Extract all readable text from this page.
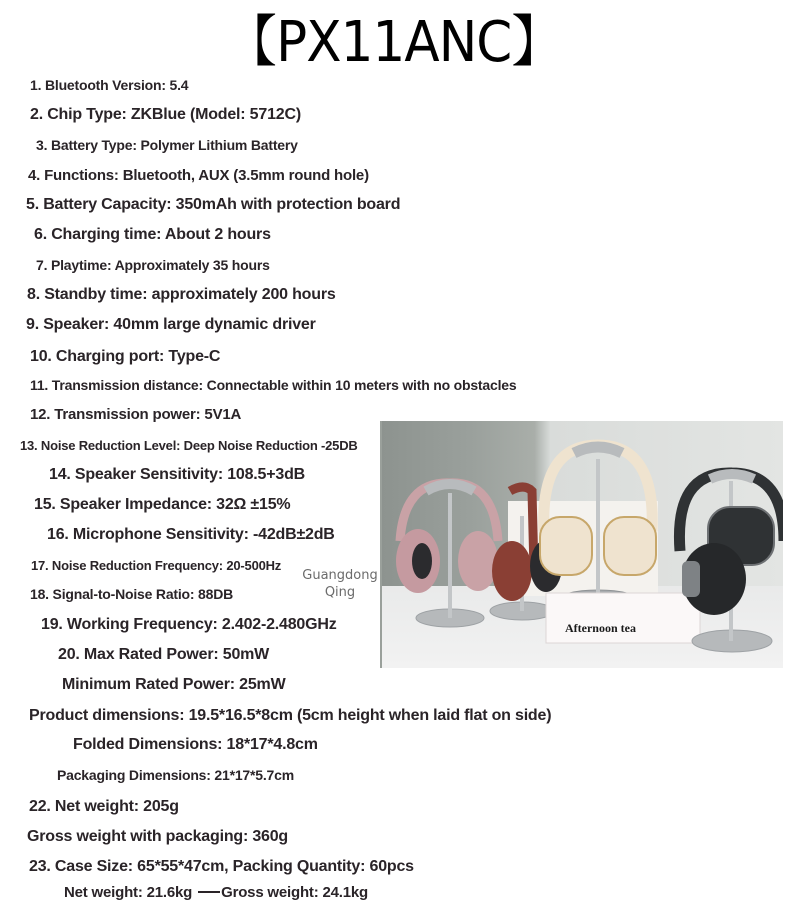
【PX11ANC】
1. Bluetooth Version: 5.4
2. Chip Type: ZKBlue (Model: 5712C)
3. Battery Type: Polymer Lithium Battery
4. Functions: Bluetooth, AUX (3.5mm round hole)
5. Battery Capacity: 350mAh with protection board
6. Charging time: About 2 hours
7. Playtime: Approximately 35 hours
8. Standby time: approximately 200 hours
9. Speaker: 40mm large dynamic driver
10. Charging port: Type-C
11. Transmission distance: Connectable within 10 meters with no obstacles
12. Transmission power: 5V1A
13. Noise Reduction Level: Deep Noise Reduction -25DB
14. Speaker Sensitivity: 108.5+3dB
15. Speaker Impedance: 32Ω ±15%
16. Microphone Sensitivity: -42dB±2dB
17. Noise Reduction Frequency: 20-500Hz
18. Signal-to-Noise Ratio: 88DB
19. Working Frequency: 2.402-2.480GHz
20. Max Rated Power: 50mW
Minimum Rated Power: 25mW
Product dimensions: 19.5*16.5*8cm (5cm height when laid flat on side)
Folded Dimensions: 18*17*4.8cm
Packaging Dimensions: 21*17*5.7cm
22. Net weight: 205g
Gross weight with packaging: 360g
23. Case Size: 65*55*47cm, Packing Quantity: 60pcs
Net weight: 21.6kg Gross weight: 24.1kg
Guangdong
Qing
Afternoon tea
